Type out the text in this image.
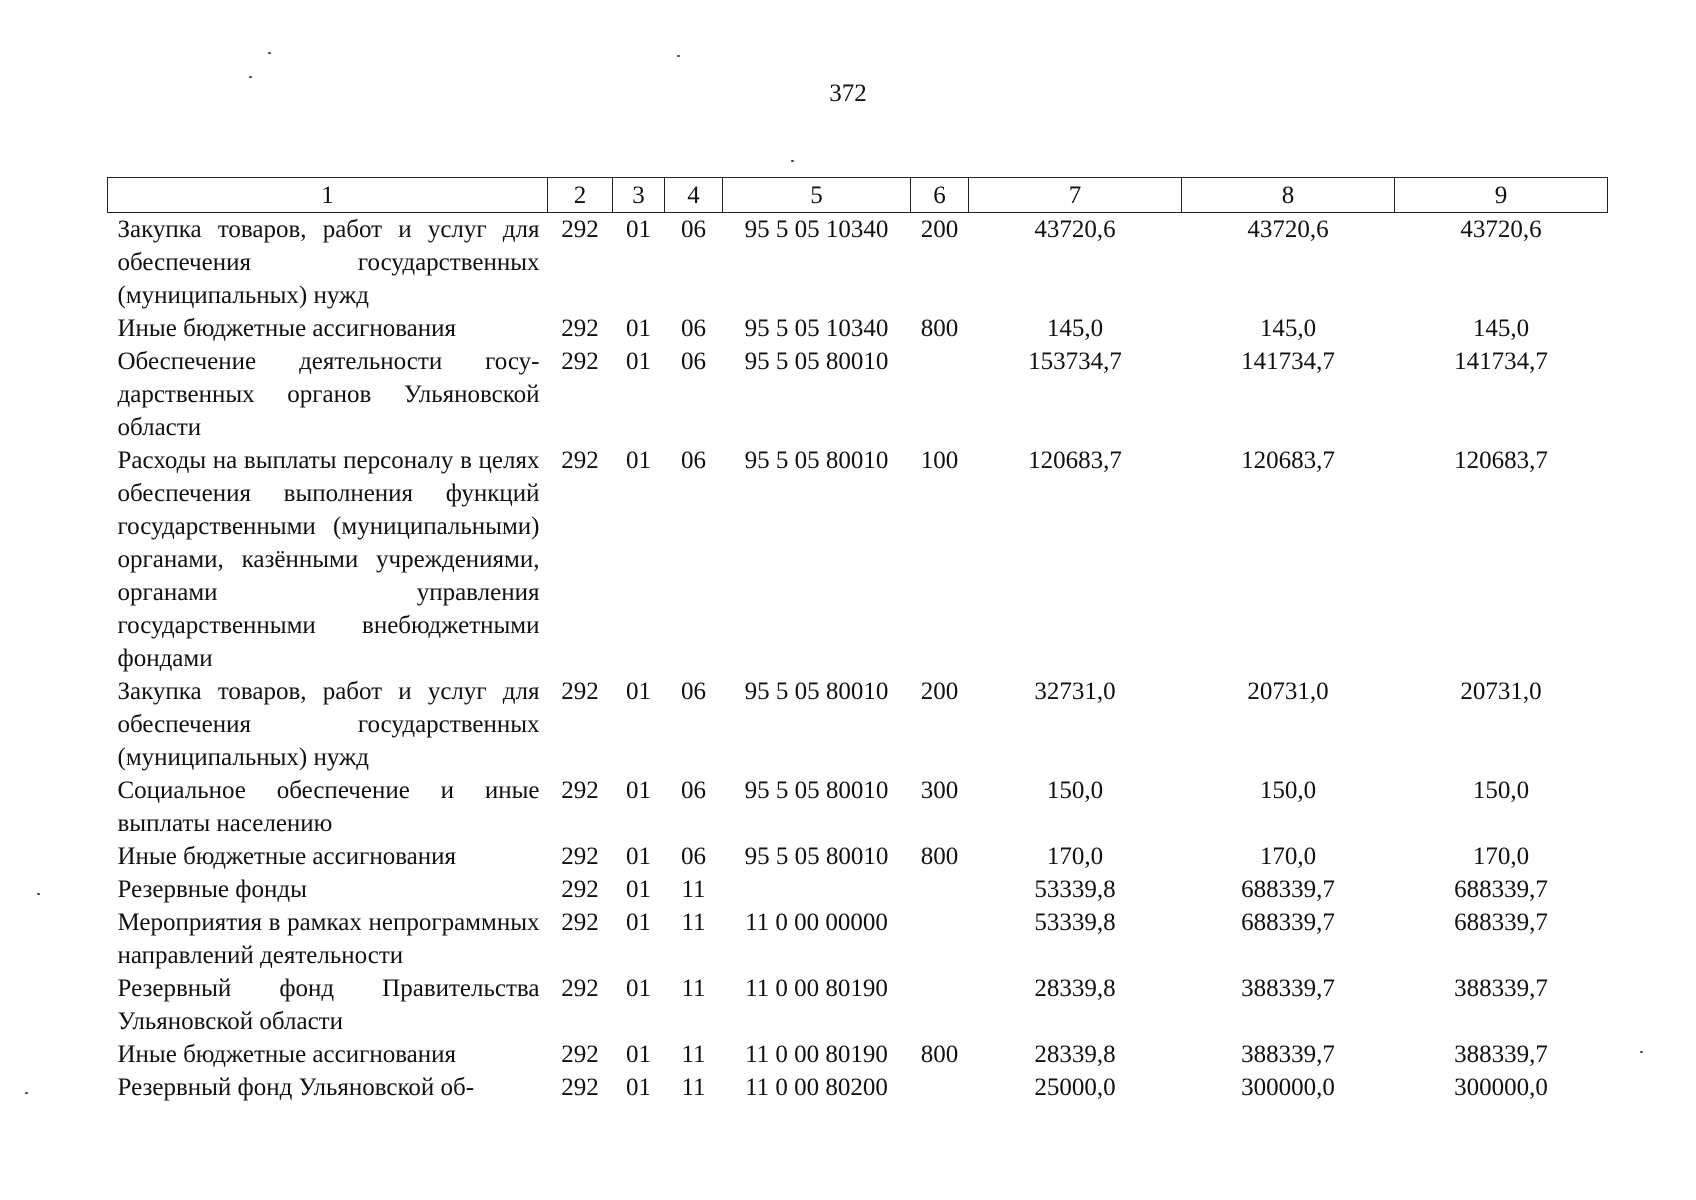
372
1	2	3	4	5	6	7	8	9
Закупка товаров, работ и услуг для обеспечения государственных (муниципальных) нужд	292	01	06	95 5 05 10340	200	43720,6	43720,6	43720,6
Иные бюджетные ассигнования	292	01	06	95 5 05 10340	800	145,0	145,0	145,0
Обеспечение деятельности государственных органов Ульяновской области	292	01	06	95 5 05 80010		153734,7	141734,7	141734,7
Расходы на выплаты персоналу в целях обеспечения выполнения функций государственными (муниципальными) органами, казёнными учреждениями, органами управления государственными внебюджетными фондами	292	01	06	95 5 05 80010	100	120683,7	120683,7	120683,7
Закупка товаров, работ и услуг для обеспечения государственных (муниципальных) нужд	292	01	06	95 5 05 80010	200	32731,0	20731,0	20731,0
Социальное обеспечение и иные выплаты населению	292	01	06	95 5 05 80010	300	150,0	150,0	150,0
Иные бюджетные ассигнования	292	01	06	95 5 05 80010	800	170,0	170,0	170,0
Резервные фонды	292	01	11			53339,8	688339,7	688339,7
Мероприятия в рамках непрограммных направлений деятельности	292	01	11	11 0 00 00000		53339,8	688339,7	688339,7
Резервный фонд Правительства Ульяновской области	292	01	11	11 0 00 80190		28339,8	388339,7	388339,7
Иные бюджетные ассигнования	292	01	11	11 0 00 80190	800	28339,8	388339,7	388339,7
Резервный фонд Ульяновской об-	292	01	11	11 0 00 80200		25000,0	300000,0	300000,0
